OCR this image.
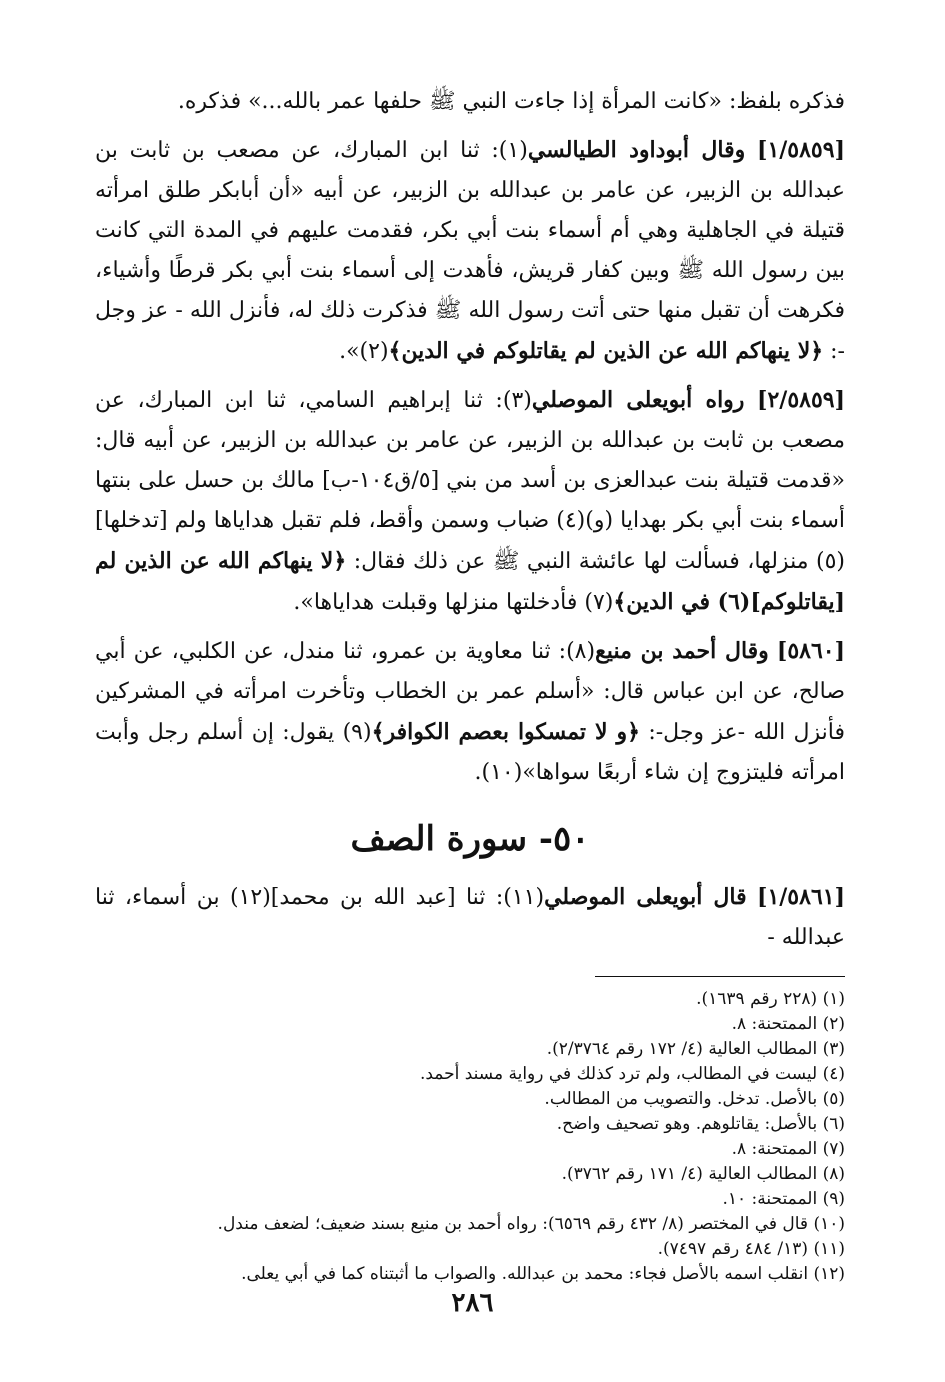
فذكره بلفظ: «كانت المرأة إذا جاءت النبي ﷺ حلفها عمر بالله...» فذكره.

[١/٥٨٥٩] وقال أبوداود الطيالسي(١): ثنا ابن المبارك، عن مصعب بن ثابت بن عبدالله بن الزبير، عن عامر بن عبدالله بن الزبير، عن أبيه «أن أبابكر طلق امرأته قتيلة في الجاهلية وهي أم أسماء بنت أبي بكر، فقدمت عليهم في المدة التي كانت بين رسول الله ﷺ وبين كفار قريش، فأهدت إلى أسماء بنت أبي بكر قرطًا وأشياء، فكرهت أن تقبل منها حتى أتت رسول الله ﷺ فذكرت ذلك له، فأنزل الله - عز وجل -: ﴿لا ينهاكم الله عن الذين لم يقاتلوكم في الدين﴾(٢)».

[٢/٥٨٥٩] رواه أبويعلى الموصلي(٣): ثنا إبراهيم السامي، ثنا ابن المبارك، عن مصعب بن ثابت بن عبدالله بن الزبير، عن عامر بن عبدالله بن الزبير، عن أبيه قال: «قدمت قتيلة بنت عبدالعزى بن أسد من بني [٥/ق١٠٤-ب] مالك بن حسل على بنتها أسماء بنت أبي بكر بهدايا (و)(٤) ضباب وسمن وأقط، فلم تقبل هداياها ولم [تدخلها](٥) منزلها، فسألت لها عائشة النبي ﷺ عن ذلك فقال: ﴿لا ينهاكم الله عن الذين لم [يقاتلوكم](٦) في الدين﴾(٧) فأدخلتها منزلها وقبلت هداياها».

[٥٨٦٠] وقال أحمد بن منيع(٨): ثنا معاوية بن عمرو، ثنا مندل، عن الكلبي، عن أبي صالح، عن ابن عباس قال: «أسلم عمر بن الخطاب وتأخرت امرأته في المشركين فأنزل الله -عز وجل-: ﴿و لا تمسكوا بعصم الكوافر﴾(٩) يقول: إن أسلم رجل وأبت امرأته فليتزوج إن شاء أربعًا سواها»(١٠).

٥٠- سورة الصف

[١/٥٨٦١] قال أبويعلى الموصلي(١١): ثنا [عبد الله بن محمد](١٢) بن أسماء، ثنا عبدالله -

(١) (٢٢٨ رقم ١٦٣٩).
(٢) الممتحنة: ٨.
(٣) المطالب العالية (٤/ ١٧٢ رقم ٢/٣٧٦٤).
(٤) ليست في المطالب، ولم ترد كذلك في رواية مسند أحمد.
(٥) بالأصل. تدخل. والتصويب من المطالب.
(٦) بالأصل: يقاتلوهم. وهو تصحيف واضح.
(٧) الممتحنة: ٨.
(٨) المطالب العالية (٤/ ١٧١ رقم ٣٧٦٢).
(٩) الممتحنة: ١٠.
(١٠) قال في المختصر (٨/ ٤٣٢ رقم ٦٥٦٩): رواه أحمد بن منيع بسند ضعيف؛ لضعف مندل.
(١١) (١٣/ ٤٨٤ رقم ٧٤٩٧).
(١٢) انقلب اسمه بالأصل فجاء: محمد بن عبدالله. والصواب ما أثبتناه كما في أبي يعلى.
٢٨٦
